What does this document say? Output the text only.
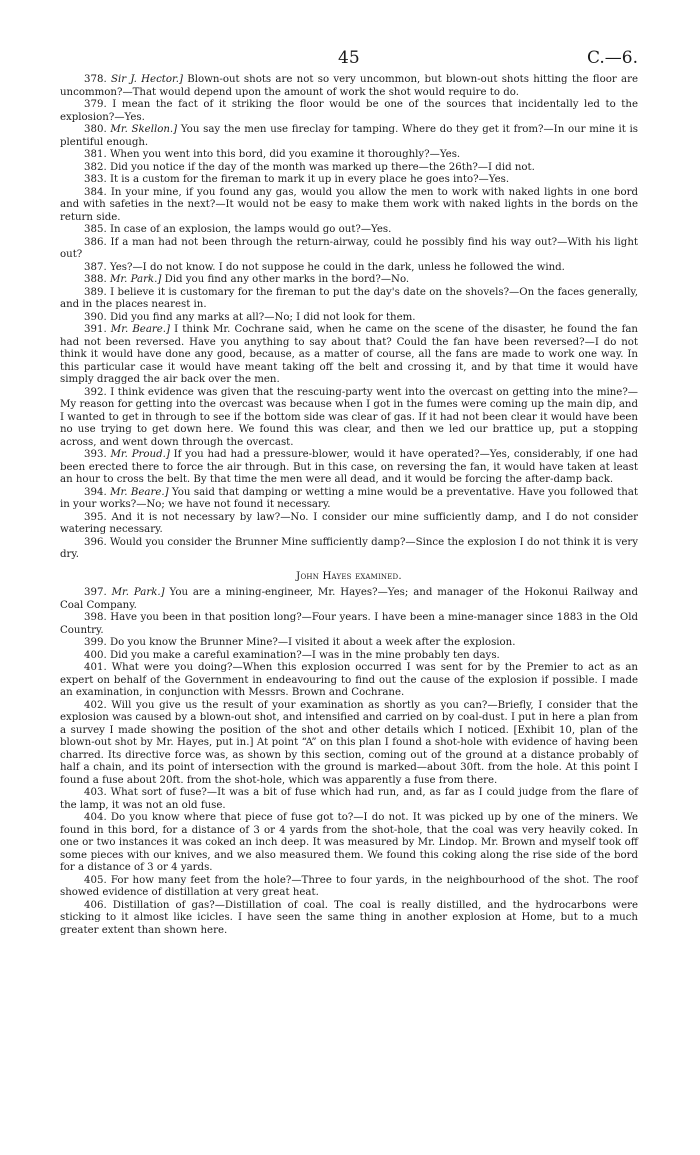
45	C.—6.

378. Sir J. Hector.] Blown-out shots are not so very uncommon, but blown-out shots hitting the floor are uncommon?—That would depend upon the amount of work the shot would require to do.

379. I mean the fact of it striking the floor would be one of the sources that incidentally led to the explosion?—Yes.

380. Mr. Skellon.] You say the men use fireclay for tamping. Where do they get it from?—In our mine it is plentiful enough.

381. When you went into this bord, did you examine it thoroughly?—Yes.

382. Did you notice if the day of the month was marked up there—the 26th?—I did not.

383. It is a custom for the fireman to mark it up in every place he goes into?—Yes.

384. In your mine, if you found any gas, would you allow the men to work with naked lights in one bord and with safeties in the next?—It would not be easy to make them work with naked lights in the bords on the return side.

385. In case of an explosion, the lamps would go out?—Yes.

386. If a man had not been through the return-airway, could he possibly find his way out?—With his light out?

387. Yes?—I do not know. I do not suppose he could in the dark, unless he followed the wind.

388. Mr. Park.] Did you find any other marks in the bord?—No.

389. I believe it is customary for the fireman to put the day's date on the shovels?—On the faces generally, and in the places nearest in.

390. Did you find any marks at all?—No; I did not look for them.

391. Mr. Beare.] I think Mr. Cochrane said, when he came on the scene of the disaster, he found the fan had not been reversed. Have you anything to say about that? Could the fan have been reversed?—I do not think it would have done any good, because, as a matter of course, all the fans are made to work one way. In this particular case it would have meant taking off the belt and crossing it, and by that time it would have simply dragged the air back over the men.

392. I think evidence was given that the rescuing-party went into the overcast on getting into the mine?—My reason for getting into the overcast was because when I got in the fumes were coming up the main dip, and I wanted to get in through to see if the bottom side was clear of gas. If it had not been clear it would have been no use trying to get down here. We found this was clear, and then we led our brattice up, put a stopping across, and went down through the overcast.

393. Mr. Proud.] If you had had a pressure-blower, would it have operated?—Yes, considerably, if one had been erected there to force the air through. But in this case, on reversing the fan, it would have taken at least an hour to cross the belt. By that time the men were all dead, and it would be forcing the after-damp back.

394. Mr. Beare.] You said that damping or wetting a mine would be a preventative. Have you followed that in your works?—No; we have not found it necessary.

395. And it is not necessary by law?—No. I consider our mine sufficiently damp, and I do not consider watering necessary.

396. Would you consider the Brunner Mine sufficiently damp?—Since the explosion I do not think it is very dry.

John Hayes examined.

397. Mr. Park.] You are a mining-engineer, Mr. Hayes?—Yes; and manager of the Hokonui Railway and Coal Company.

398. Have you been in that position long?—Four years. I have been a mine-manager since 1883 in the Old Country.

399. Do you know the Brunner Mine?—I visited it about a week after the explosion.

400. Did you make a careful examination?—I was in the mine probably ten days.

401. What were you doing?—When this explosion occurred I was sent for by the Premier to act as an expert on behalf of the Government in endeavouring to find out the cause of the explosion if possible. I made an examination, in conjunction with Messrs. Brown and Cochrane.

402. Will you give us the result of your examination as shortly as you can?—Briefly, I consider that the explosion was caused by a blown-out shot, and intensified and carried on by coal-dust. I put in here a plan from a survey I made showing the position of the shot and other details which I noticed. [Exhibit 10, plan of the blown-out shot by Mr. Hayes, put in.] At point “A” on this plan I found a shot-hole with evidence of having been charred. Its directive force was, as shown by this section, coming out of the ground at a distance probably of half a chain, and its point of intersection with the ground is marked—about 30ft. from the hole. At this point I found a fuse about 20ft. from the shot-hole, which was apparently a fuse from there.

403. What sort of fuse?—It was a bit of fuse which had run, and, as far as I could judge from the flare of the lamp, it was not an old fuse.

404. Do you know where that piece of fuse got to?—I do not. It was picked up by one of the miners. We found in this bord, for a distance of 3 or 4 yards from the shot-hole, that the coal was very heavily coked. In one or two instances it was coked an inch deep. It was measured by Mr. Lindop. Mr. Brown and myself took off some pieces with our knives, and we also measured them. We found this coking along the rise side of the bord for a distance of 3 or 4 yards.

405. For how many feet from the hole?—Three to four yards, in the neighbourhood of the shot. The roof showed evidence of distillation at very great heat.

406. Distillation of gas?—Distillation of coal. The coal is really distilled, and the hydrocarbons were sticking to it almost like icicles. I have seen the same thing in another explosion at Home, but to a much greater extent than shown here.
